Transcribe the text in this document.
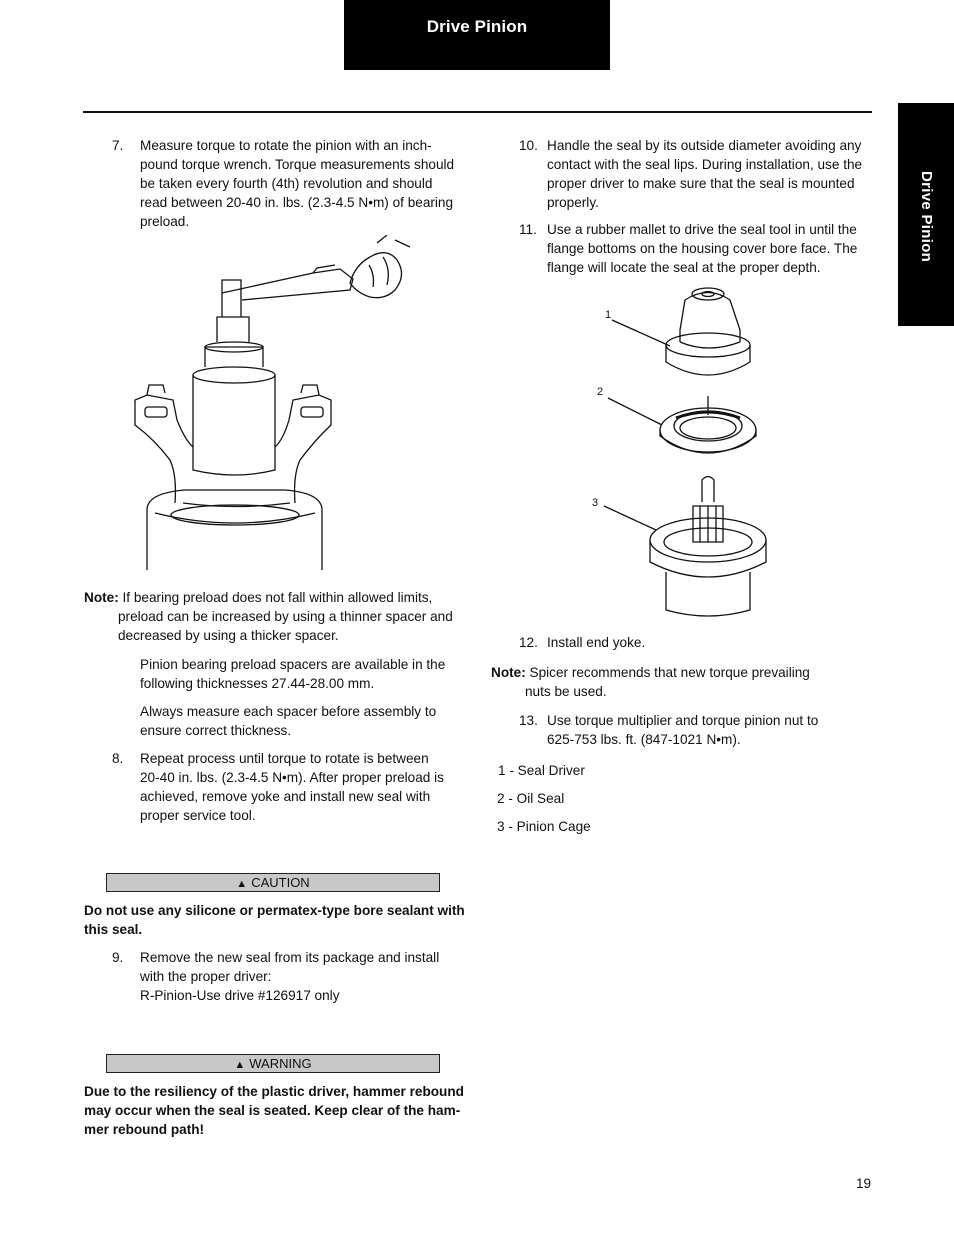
Drive Pinion
Drive Pinion
7. Measure torque to rotate the pinion with an inch-
pound torque wrench. Torque measurements should
be taken every fourth (4th) revolution and should
read between 20-40 in. lbs. (2.3-4.5 N•m) of bearing
preload.
Note: If bearing preload does not fall within allowed limits,
preload can be increased by using a thinner spacer and
decreased by using a thicker spacer.
Pinion bearing preload spacers are available in the
following thicknesses 27.44-28.00 mm.
Always measure each spacer before assembly to
ensure correct thickness.
8. Repeat process until torque to rotate is between
20-40 in. lbs. (2.3-4.5 N•m). After proper preload is
achieved, remove yoke and install new seal with
proper service tool.
▲ CAUTION
Do not use any silicone or permatex-type bore sealant with
this seal.
9. Remove the new seal from its package and install
with the proper driver:
R-Pinion-Use drive #126917 only
▲ WARNING
Due to the resiliency of the plastic driver, hammer rebound
may occur when the seal is seated. Keep clear of the ham-
mer rebound path!
10. Handle the seal by its outside diameter avoiding any
contact with the seal lips. During installation, use the
proper driver to make sure that the seal is mounted
properly.
11. Use a rubber mallet to drive the seal tool in until the
flange bottoms on the housing cover bore face. The
flange will locate the seal at the proper depth.
1
2
3
12. Install end yoke.
Note: Spicer recommends that new torque prevailing
nuts be used.
13. Use torque multiplier and torque pinion nut to
625-753 lbs. ft. (847-1021 N•m).
1 - Seal Driver
2 - Oil Seal
3 - Pinion Cage
19
